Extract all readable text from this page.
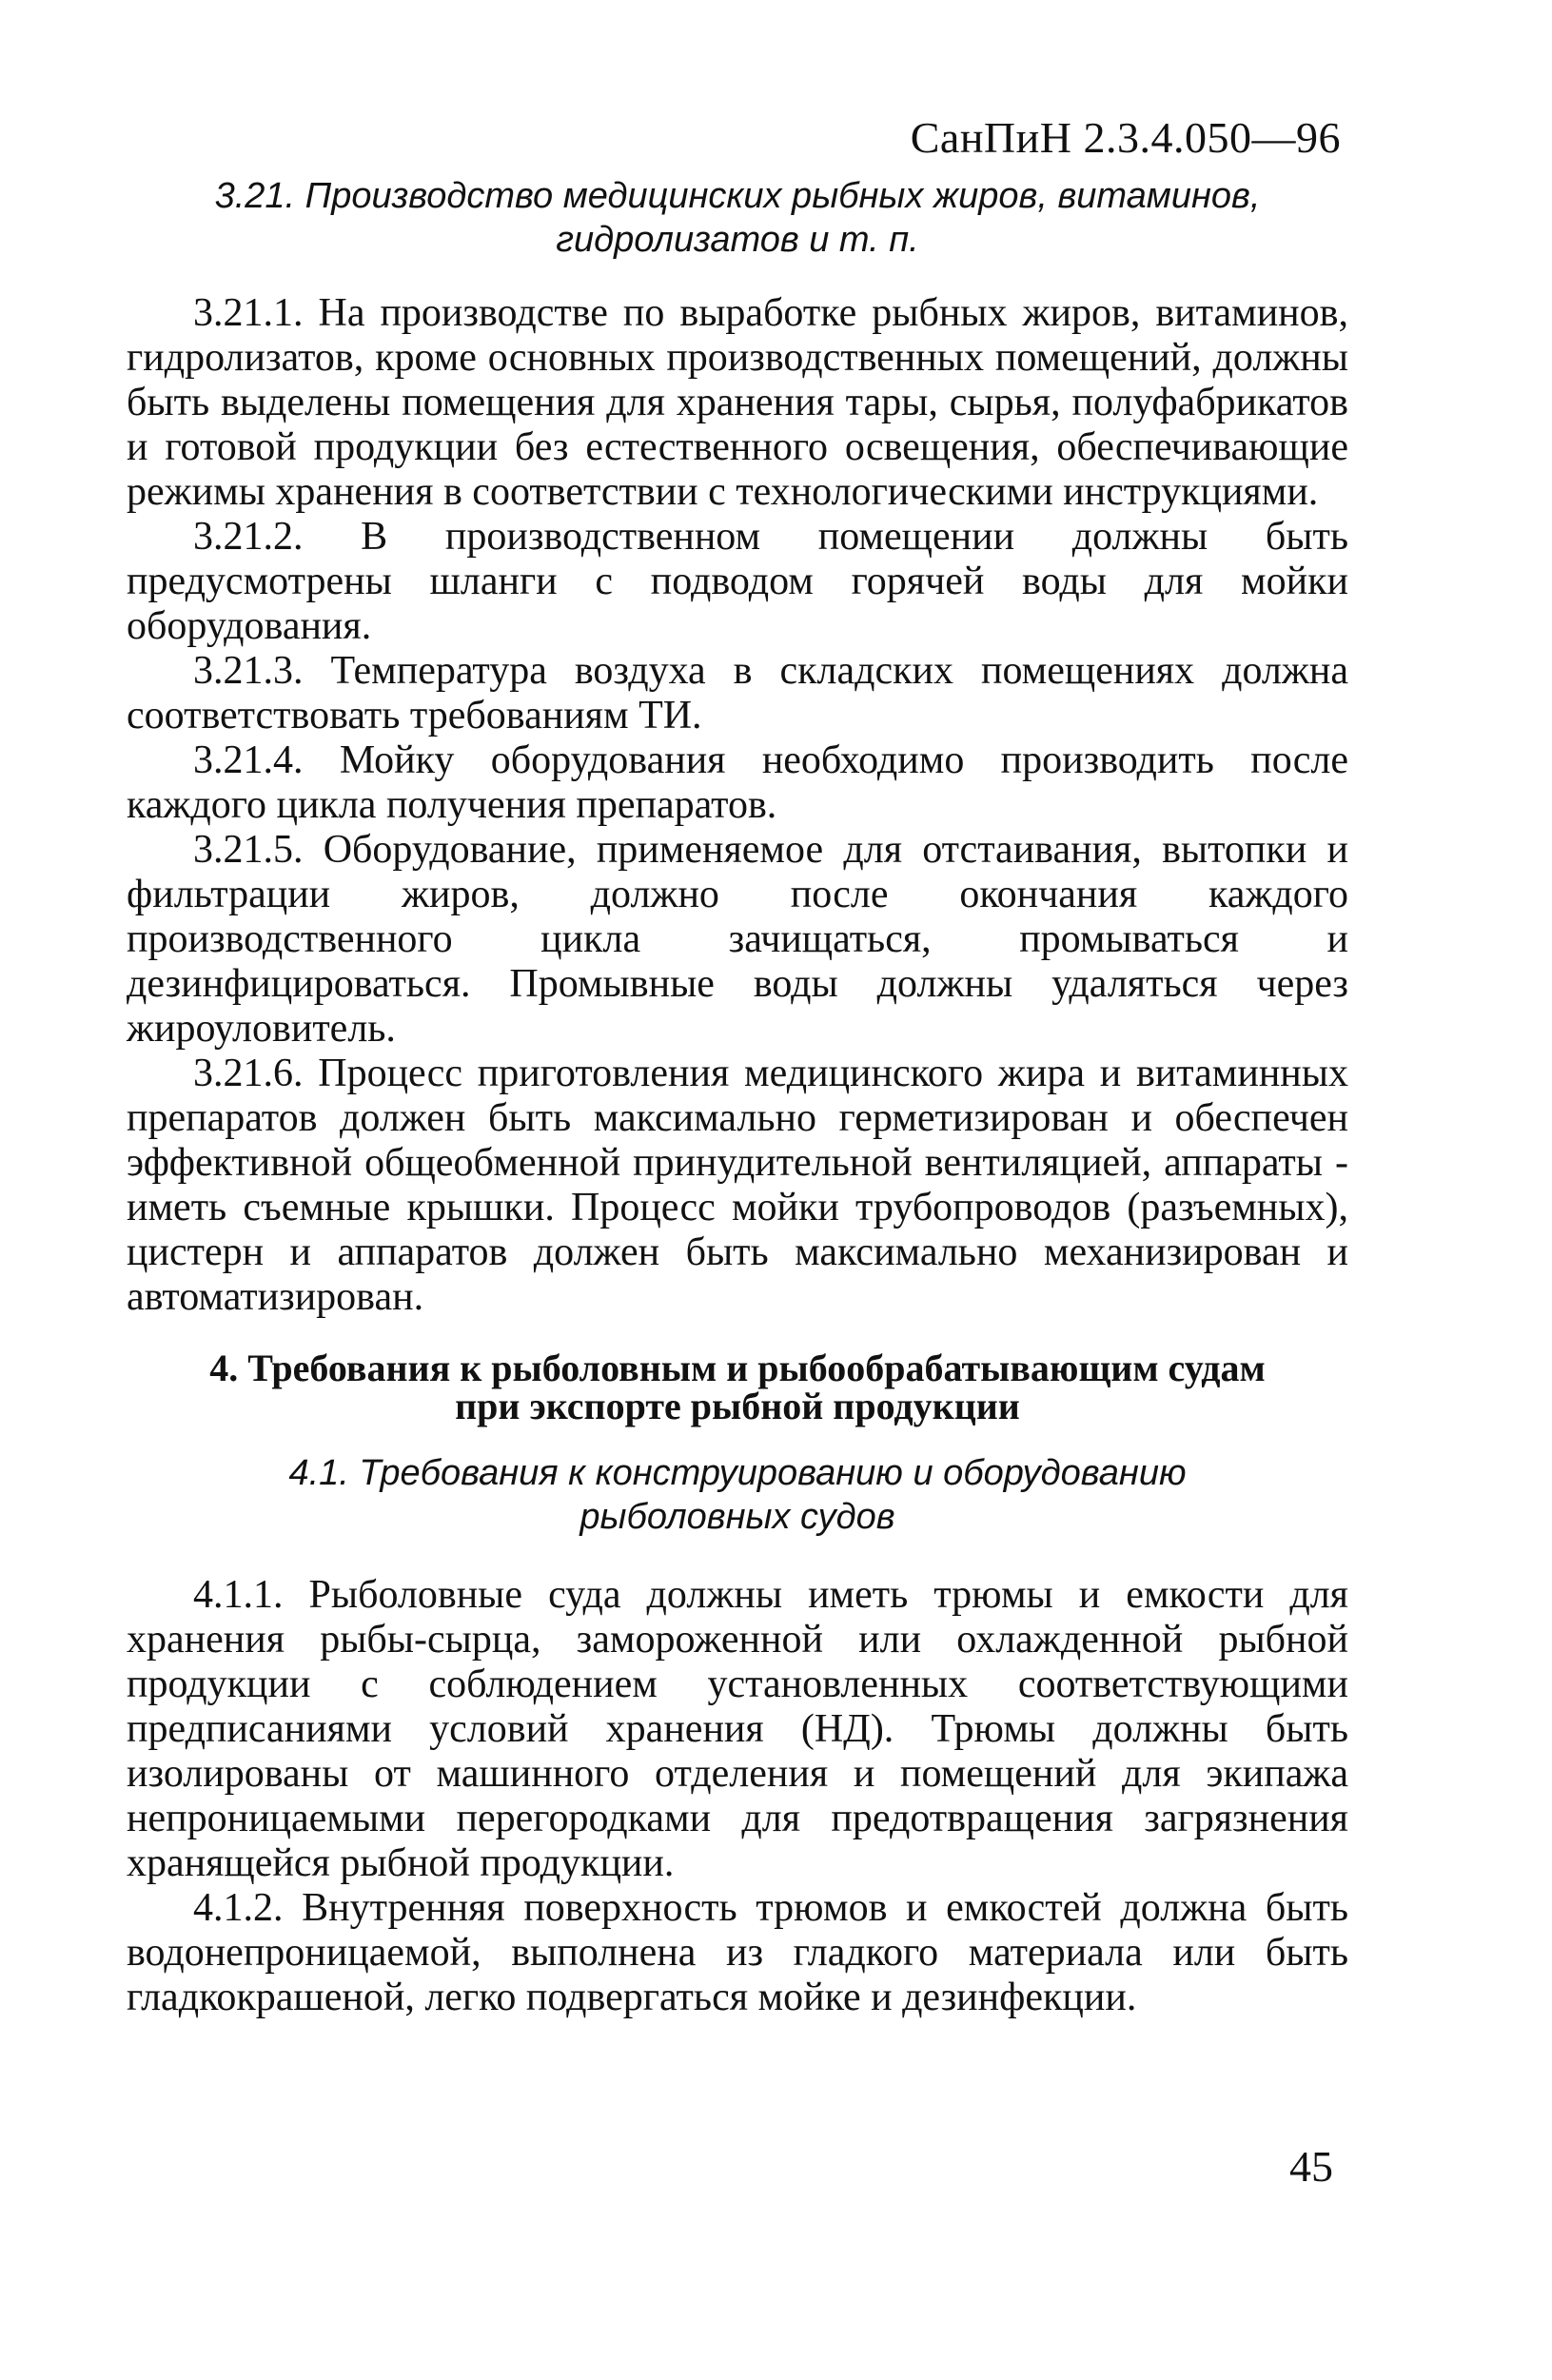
СанПиН 2.3.4.050—96
3.21. Производство медицинских рыбных жиров, витаминов,
гидролизатов и т. п.

3.21.1. На производстве по выработке рыбных жиров, витаминов, гидролизатов, кроме основных производственных помещений, должны быть выделены помещения для хранения тары, сырья, полуфабрикатов и готовой продукции без естественного освещения, обеспечивающие режимы хранения в соответствии с технологическими инструкциями.

3.21.2. В производственном помещении должны быть предусмотрены шланги с подводом горячей воды для мойки оборудования.

3.21.3. Температура воздуха в складских помещениях должна соответствовать требованиям ТИ.

3.21.4. Мойку оборудования необходимо производить после каждого цикла получения препаратов.

3.21.5. Оборудование, применяемое для отстаивания, вытопки и фильтрации жиров, должно после окончания каждого производственного цикла зачищаться, промываться и дезинфицироваться. Промывные воды должны удаляться через жироуловитель.

3.21.6. Процесс приготовления медицинского жира и витаминных препаратов должен быть максимально герметизирован и обеспечен эффективной общеобменной принудительной вентиляцией, аппараты - иметь съемные крышки. Процесс мойки трубопроводов (разъемных), цистерн и аппаратов должен быть максимально механизирован и автоматизирован.

4. Требования к рыболовным и рыбообрабатывающим судам
при экспорте рыбной продукции
4.1. Требования к конструированию и оборудованию
рыболовных судов

4.1.1. Рыболовные суда должны иметь трюмы и емкости для хранения рыбы-сырца, замороженной или охлажденной рыбной продукции с соблюдением установленных соответствующими предписаниями условий хранения (НД). Трюмы должны быть изолированы от машинного отделения и помещений для экипажа непроницаемыми перегородками для предотвращения загрязнения хранящейся рыбной продукции.

4.1.2. Внутренняя поверхность трюмов и емкостей должна быть водонепроницаемой, выполнена из гладкого материала или быть гладкокрашеной, легко подвергаться мойке и дезинфекции.

45
